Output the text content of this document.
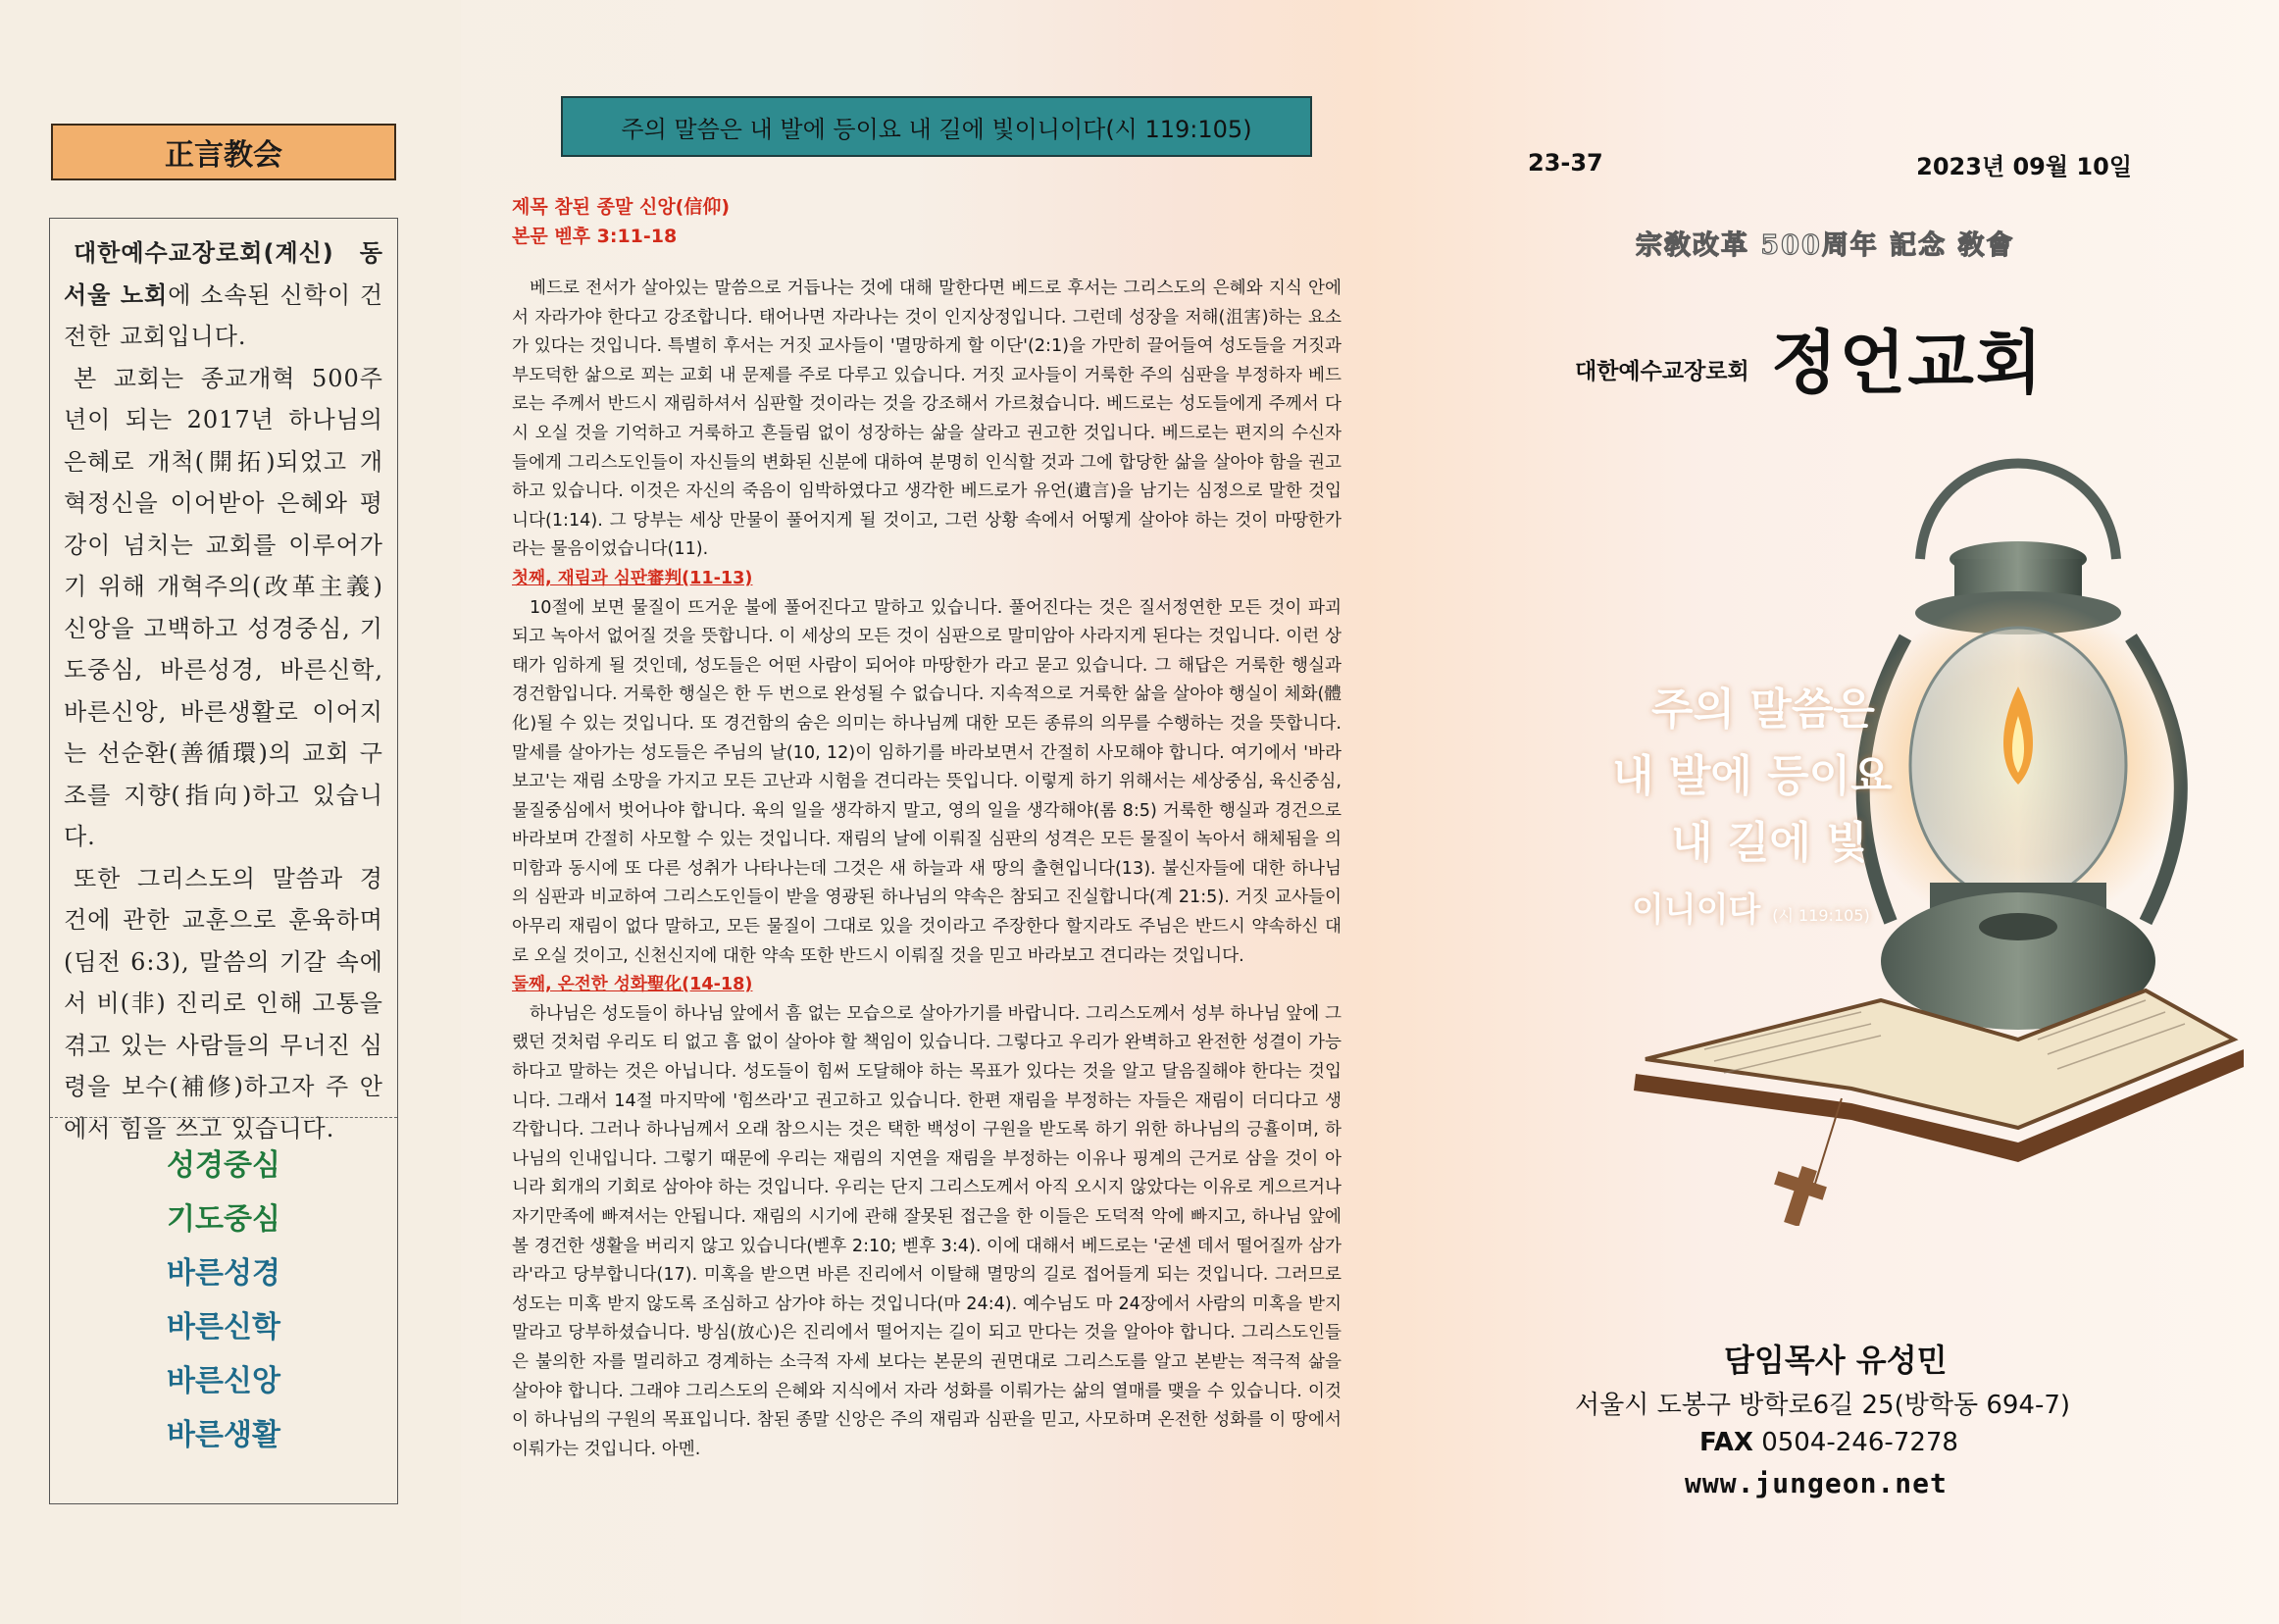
正言教会

대한예수교장로회(계신) 동서울 노회에 소속된 신학이 건전한 교회입니다.

본 교회는 종교개혁 500주년이 되는 2017년 하나님의 은혜로 개척(開拓)되었고 개혁정신을 이어받아 은혜와 평강이 넘치는 교회를 이루어가기 위해 개혁주의(改革主義) 신앙을 고백하고 성경중심, 기도중심, 바른성경, 바른신학, 바른신앙, 바른생활로 이어지는 선순환(善循環)의 교회 구조를 지향(指向)하고 있습니다.

또한 그리스도의 말씀과 경건에 관한 교훈으로 훈육하며(딤전 6:3), 말씀의 기갈 속에서 비(非) 진리로 인해 고통을 겪고 있는 사람들의 무너진 심령을 보수(補修)하고자 주 안에서 힘을 쓰고 있습니다.

성경중심
기도중심
바른성경
바른신학
바른신앙
바른생활
주의 말씀은 내 발에 등이요 내 길에 빛이니이다(시 119:105)
제목 참된 종말 신앙(信仰)
본문 벧후 3:11-18

베드로 전서가 살아있는 말씀으로 거듭나는 것에 대해 말한다면 베드로 후서는 그리스도의 은혜와 지식 안에서 자라가야 한다고 강조합니다. 태어나면 자라나는 것이 인지상정입니다. 그런데 성장을 저해(沮害)하는 요소가 있다는 것입니다. 특별히 후서는 거짓 교사들이 '멸망하게 할 이단'(2:1)을 가만히 끌어들여 성도들을 거짓과 부도덕한 삶으로 꾀는 교회 내 문제를 주로 다루고 있습니다. 거짓 교사들이 거룩한 주의 심판을 부정하자 베드로는 주께서 반드시 재림하셔서 심판할 것이라는 것을 강조해서 가르쳤습니다. 베드로는 성도들에게 주께서 다시 오실 것을 기억하고 거룩하고 흔들림 없이 성장하는 삶을 살라고 권고한 것입니다. 베드로는 편지의 수신자들에게 그리스도인들이 자신들의 변화된 신분에 대하여 분명히 인식할 것과 그에 합당한 삶을 살아야 함을 권고하고 있습니다. 이것은 자신의 죽음이 임박하였다고 생각한 베드로가 유언(遺言)을 남기는 심정으로 말한 것입니다(1:14). 그 당부는 세상 만물이 풀어지게 될 것이고, 그런 상황 속에서 어떻게 살아야 하는 것이 마땅한가 라는 물음이었습니다(11).

첫째, 재림과 심판審判(11-13)

10절에 보면 물질이 뜨거운 불에 풀어진다고 말하고 있습니다. 풀어진다는 것은 질서정연한 모든 것이 파괴되고 녹아서 없어질 것을 뜻합니다. 이 세상의 모든 것이 심판으로 말미암아 사라지게 된다는 것입니다. 이런 상태가 임하게 될 것인데, 성도들은 어떤 사람이 되어야 마땅한가 라고 묻고 있습니다. 그 해답은 거룩한 행실과 경건함입니다. 거룩한 행실은 한 두 번으로 완성될 수 없습니다. 지속적으로 거룩한 삶을 살아야 행실이 체화(體化)될 수 있는 것입니다. 또 경건함의 숨은 의미는 하나님께 대한 모든 종류의 의무를 수행하는 것을 뜻합니다. 말세를 살아가는 성도들은 주님의 날(10, 12)이 임하기를 바라보면서 간절히 사모해야 합니다. 여기에서 '바라보고'는 재림 소망을 가지고 모든 고난과 시험을 견디라는 뜻입니다. 이렇게 하기 위해서는 세상중심, 육신중심, 물질중심에서 벗어나야 합니다. 육의 일을 생각하지 말고, 영의 일을 생각해야(롬 8:5) 거룩한 행실과 경건으로 바라보며 간절히 사모할 수 있는 것입니다. 재림의 날에 이뤄질 심판의 성격은 모든 물질이 녹아서 해체됨을 의미함과 동시에 또 다른 성취가 나타나는데 그것은 새 하늘과 새 땅의 출현입니다(13). 불신자들에 대한 하나님의 심판과 비교하여 그리스도인들이 받을 영광된 하나님의 약속은 참되고 진실합니다(계 21:5). 거짓 교사들이 아무리 재림이 없다 말하고, 모든 물질이 그대로 있을 것이라고 주장한다 할지라도 주님은 반드시 약속하신 대로 오실 것이고, 신천신지에 대한 약속 또한 반드시 이뤄질 것을 믿고 바라보고 견디라는 것입니다.

둘째, 온전한 성화聖化(14-18)

하나님은 성도들이 하나님 앞에서 흠 없는 모습으로 살아가기를 바랍니다. 그리스도께서 성부 하나님 앞에 그랬던 것처럼 우리도 티 없고 흠 없이 살아야 할 책임이 있습니다. 그렇다고 우리가 완벽하고 완전한 성결이 가능하다고 말하는 것은 아닙니다. 성도들이 힘써 도달해야 하는 목표가 있다는 것을 알고 달음질해야 한다는 것입니다. 그래서 14절 마지막에 '힘쓰라'고 권고하고 있습니다. 한편 재림을 부정하는 자들은 재림이 더디다고 생각합니다. 그러나 하나님께서 오래 참으시는 것은 택한 백성이 구원을 받도록 하기 위한 하나님의 긍휼이며, 하나님의 인내입니다. 그렇기 때문에 우리는 재림의 지연을 재림을 부정하는 이유나 핑계의 근거로 삼을 것이 아니라 회개의 기회로 삼아야 하는 것입니다. 우리는 단지 그리스도께서 아직 오시지 않았다는 이유로 게으르거나 자기만족에 빠져서는 안됩니다. 재림의 시기에 관해 잘못된 접근을 한 이들은 도덕적 악에 빠지고, 하나님 앞에 볼 경건한 생활을 버리지 않고 있습니다(벧후 2:10; 벧후 3:4). 이에 대해서 베드로는 '굳센 데서 떨어질까 삼가라'라고 당부합니다(17). 미혹을 받으면 바른 진리에서 이탈해 멸망의 길로 접어들게 되는 것입니다. 그러므로 성도는 미혹 받지 않도록 조심하고 삼가야 하는 것입니다(마 24:4). 예수님도 마 24장에서 사람의 미혹을 받지 말라고 당부하셨습니다. 방심(放心)은 진리에서 떨어지는 길이 되고 만다는 것을 알아야 합니다. 그리스도인들은 불의한 자를 멀리하고 경계하는 소극적 자세 보다는 본문의 권면대로 그리스도를 알고 본받는 적극적 삶을 살아야 합니다. 그래야 그리스도의 은혜와 지식에서 자라 성화를 이뤄가는 삶의 열매를 맺을 수 있습니다. 이것이 하나님의 구원의 목표입니다. 참된 종말 신앙은 주의 재림과 심판을 믿고, 사모하며 온전한 성화를 이 땅에서 이뤄가는 것입니다. 아멘.

23-37	2023년 09월 10일
宗敎改革 500周年 記念 敎會
대한예수교장로회 정언교회
주의 말씀은
내 발에 등이요
내 길에 빛
이니이다 (시 119:105)
담임목사 유성민
서울시 도봉구 방학로6길 25(방학동 694-7)
FAX 0504-246-7278
www.jungeon.net
